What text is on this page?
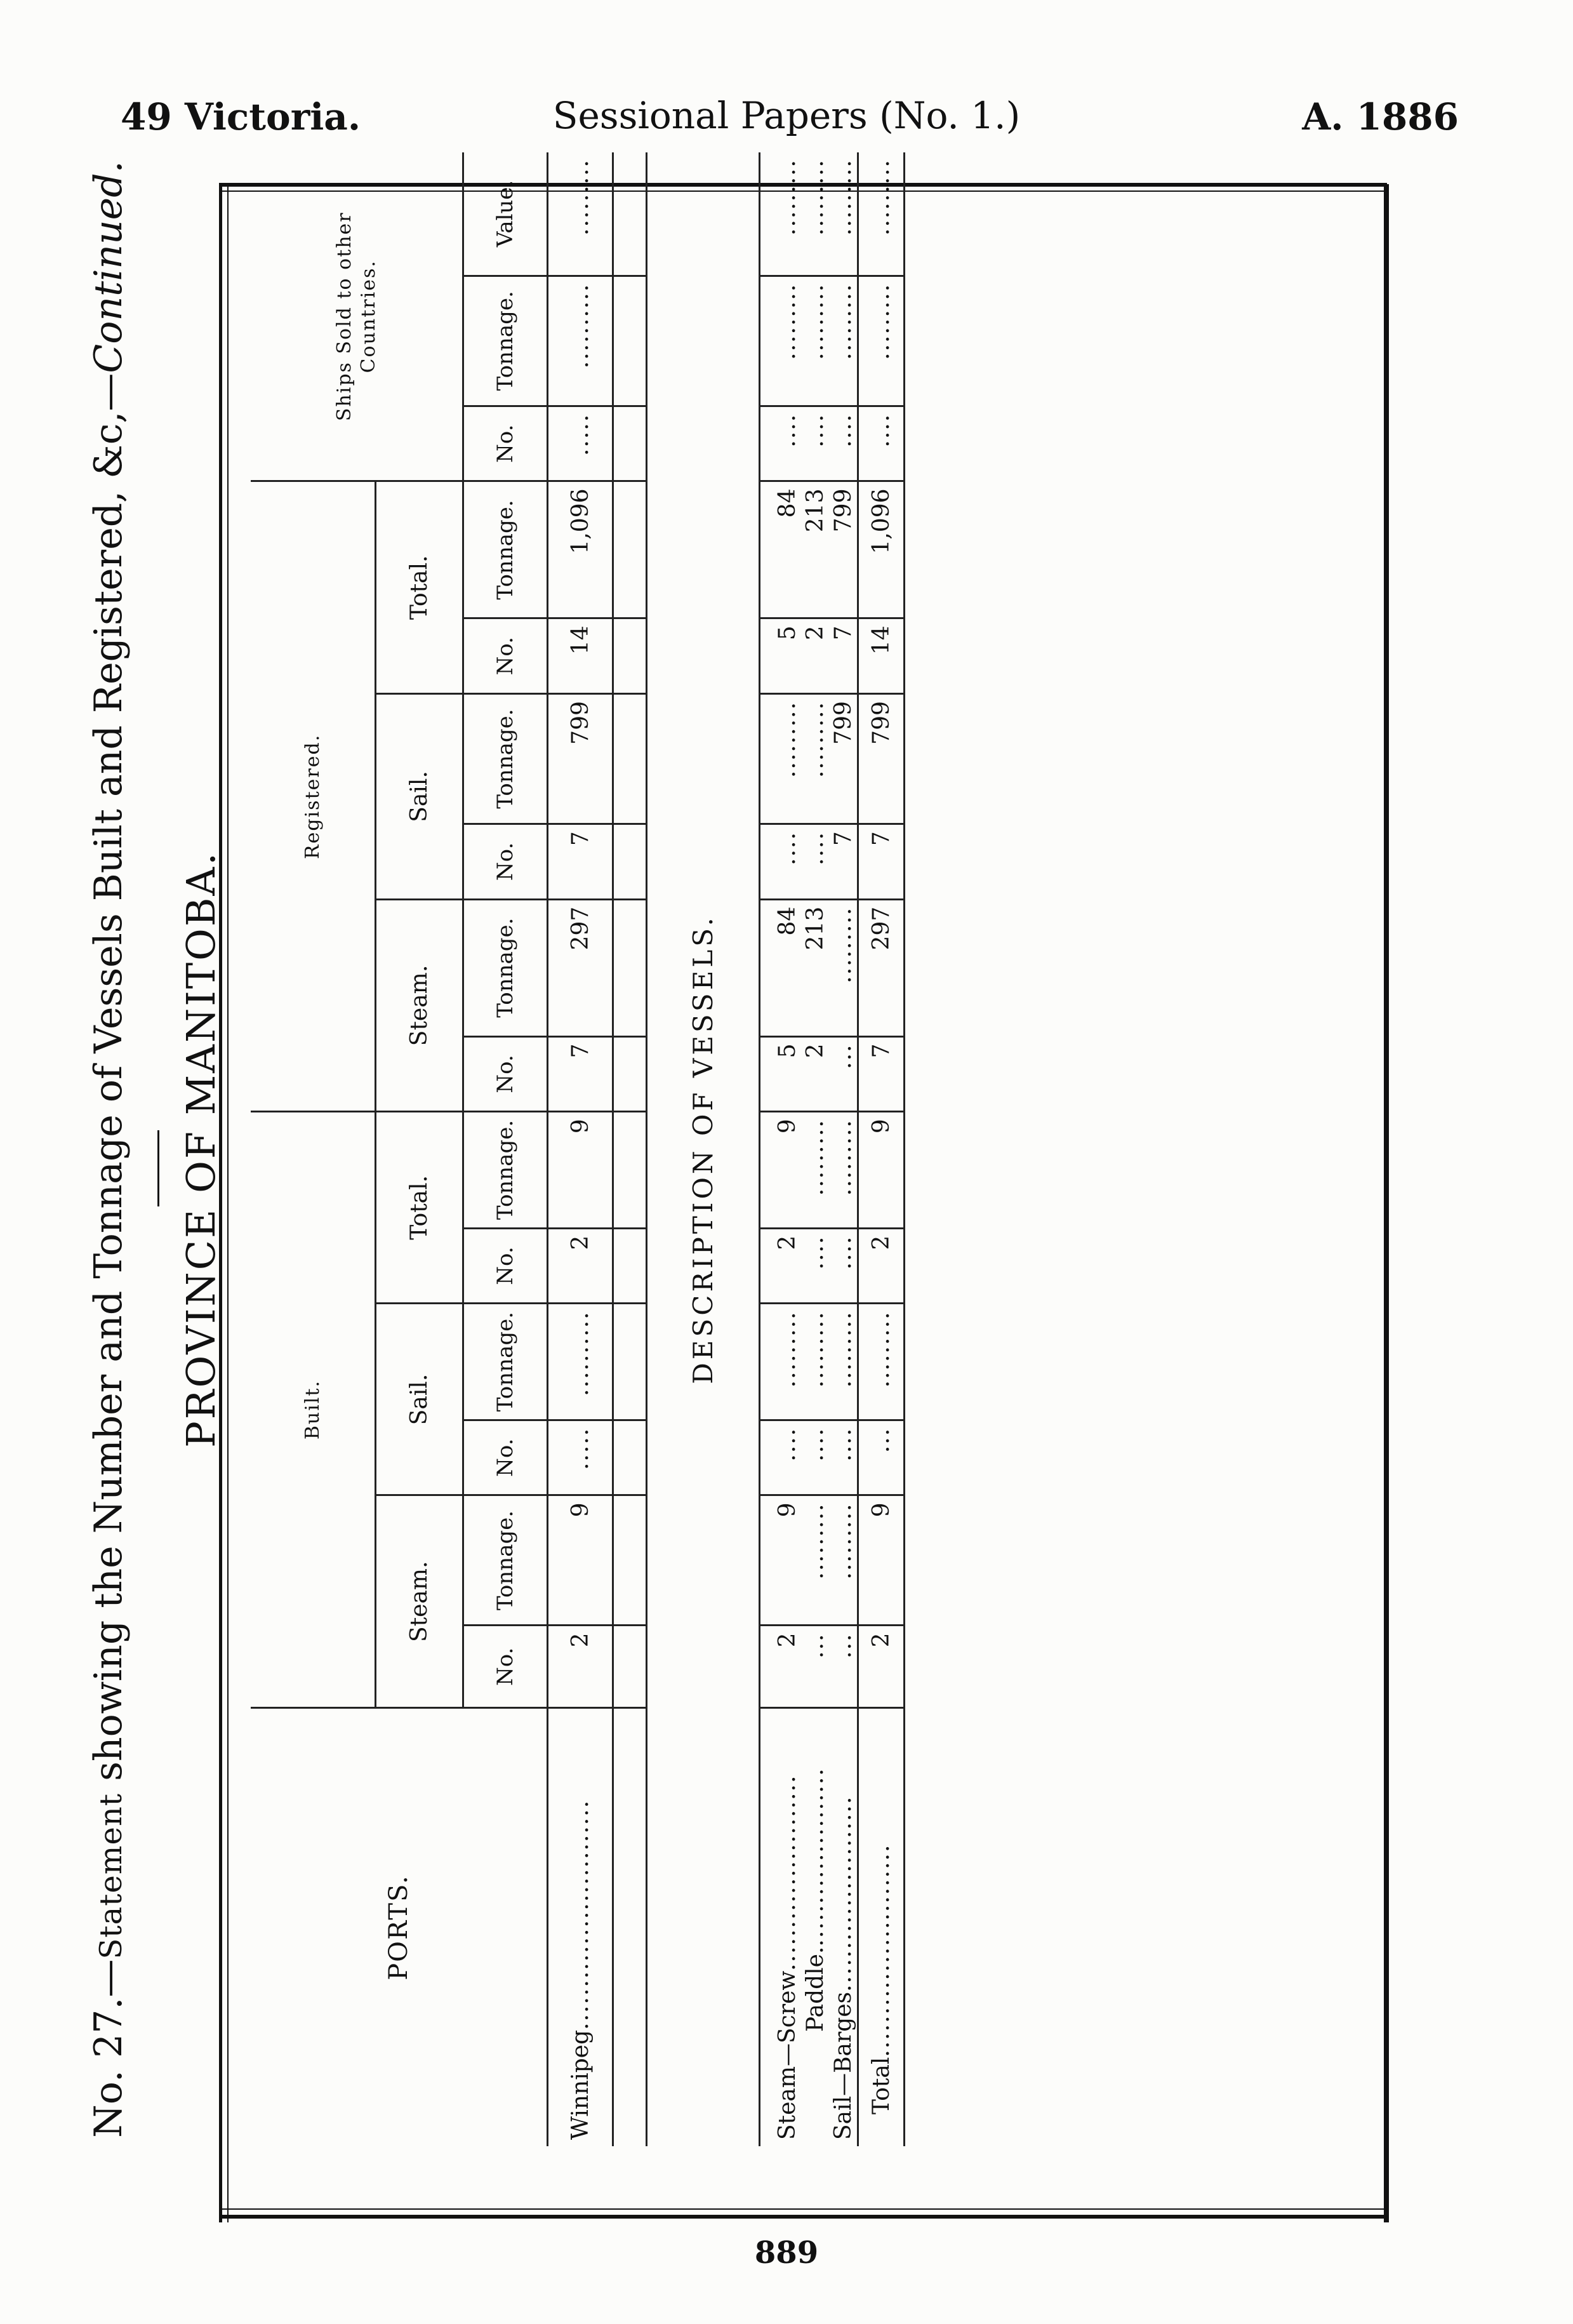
49 Victoria.	Sessional Papers (No. 1.)	A. 1886
No. 27.—Statement showing the Number and Tonnage of Vessels Built and Registered, &c,—Continued.
PROVINCE OF MANITOBA.
PORTS.	Built.						Registered.						Ships Sold to other Countries.		
	Steam.		Sail.		Total.		Steam.		Sail.		Total.				
	No.	Tonnage.	No.	Tonnage.	No.	Tonnage.	No.	Tonnage.	No.	Tonnage.	No.	Tonnage.	No.	Tonnage.	Value.
Winnipeg...........................	2	9	.....	..........	2	9	7	297	7	799	14	1,096	.....	..........	.........

DESCRIPTION OF VESSELS.															
Steam—Screw.......................	2	9	....	.........	2	9	5	84	....	.........	5	84	....	.........	.........
Paddle......................	...	.........	....	.........	....	.........	2	213	....	.........	2	213	....	.........	.........
Sail—Barges.......................	...	.........	....	.........	....	.........	...	.........	7	799	7	799	....	.........	.........
Total.........................	2	9	...	.........	2	9	7	297	7	799	14	1,096	....	.........	.........
889
